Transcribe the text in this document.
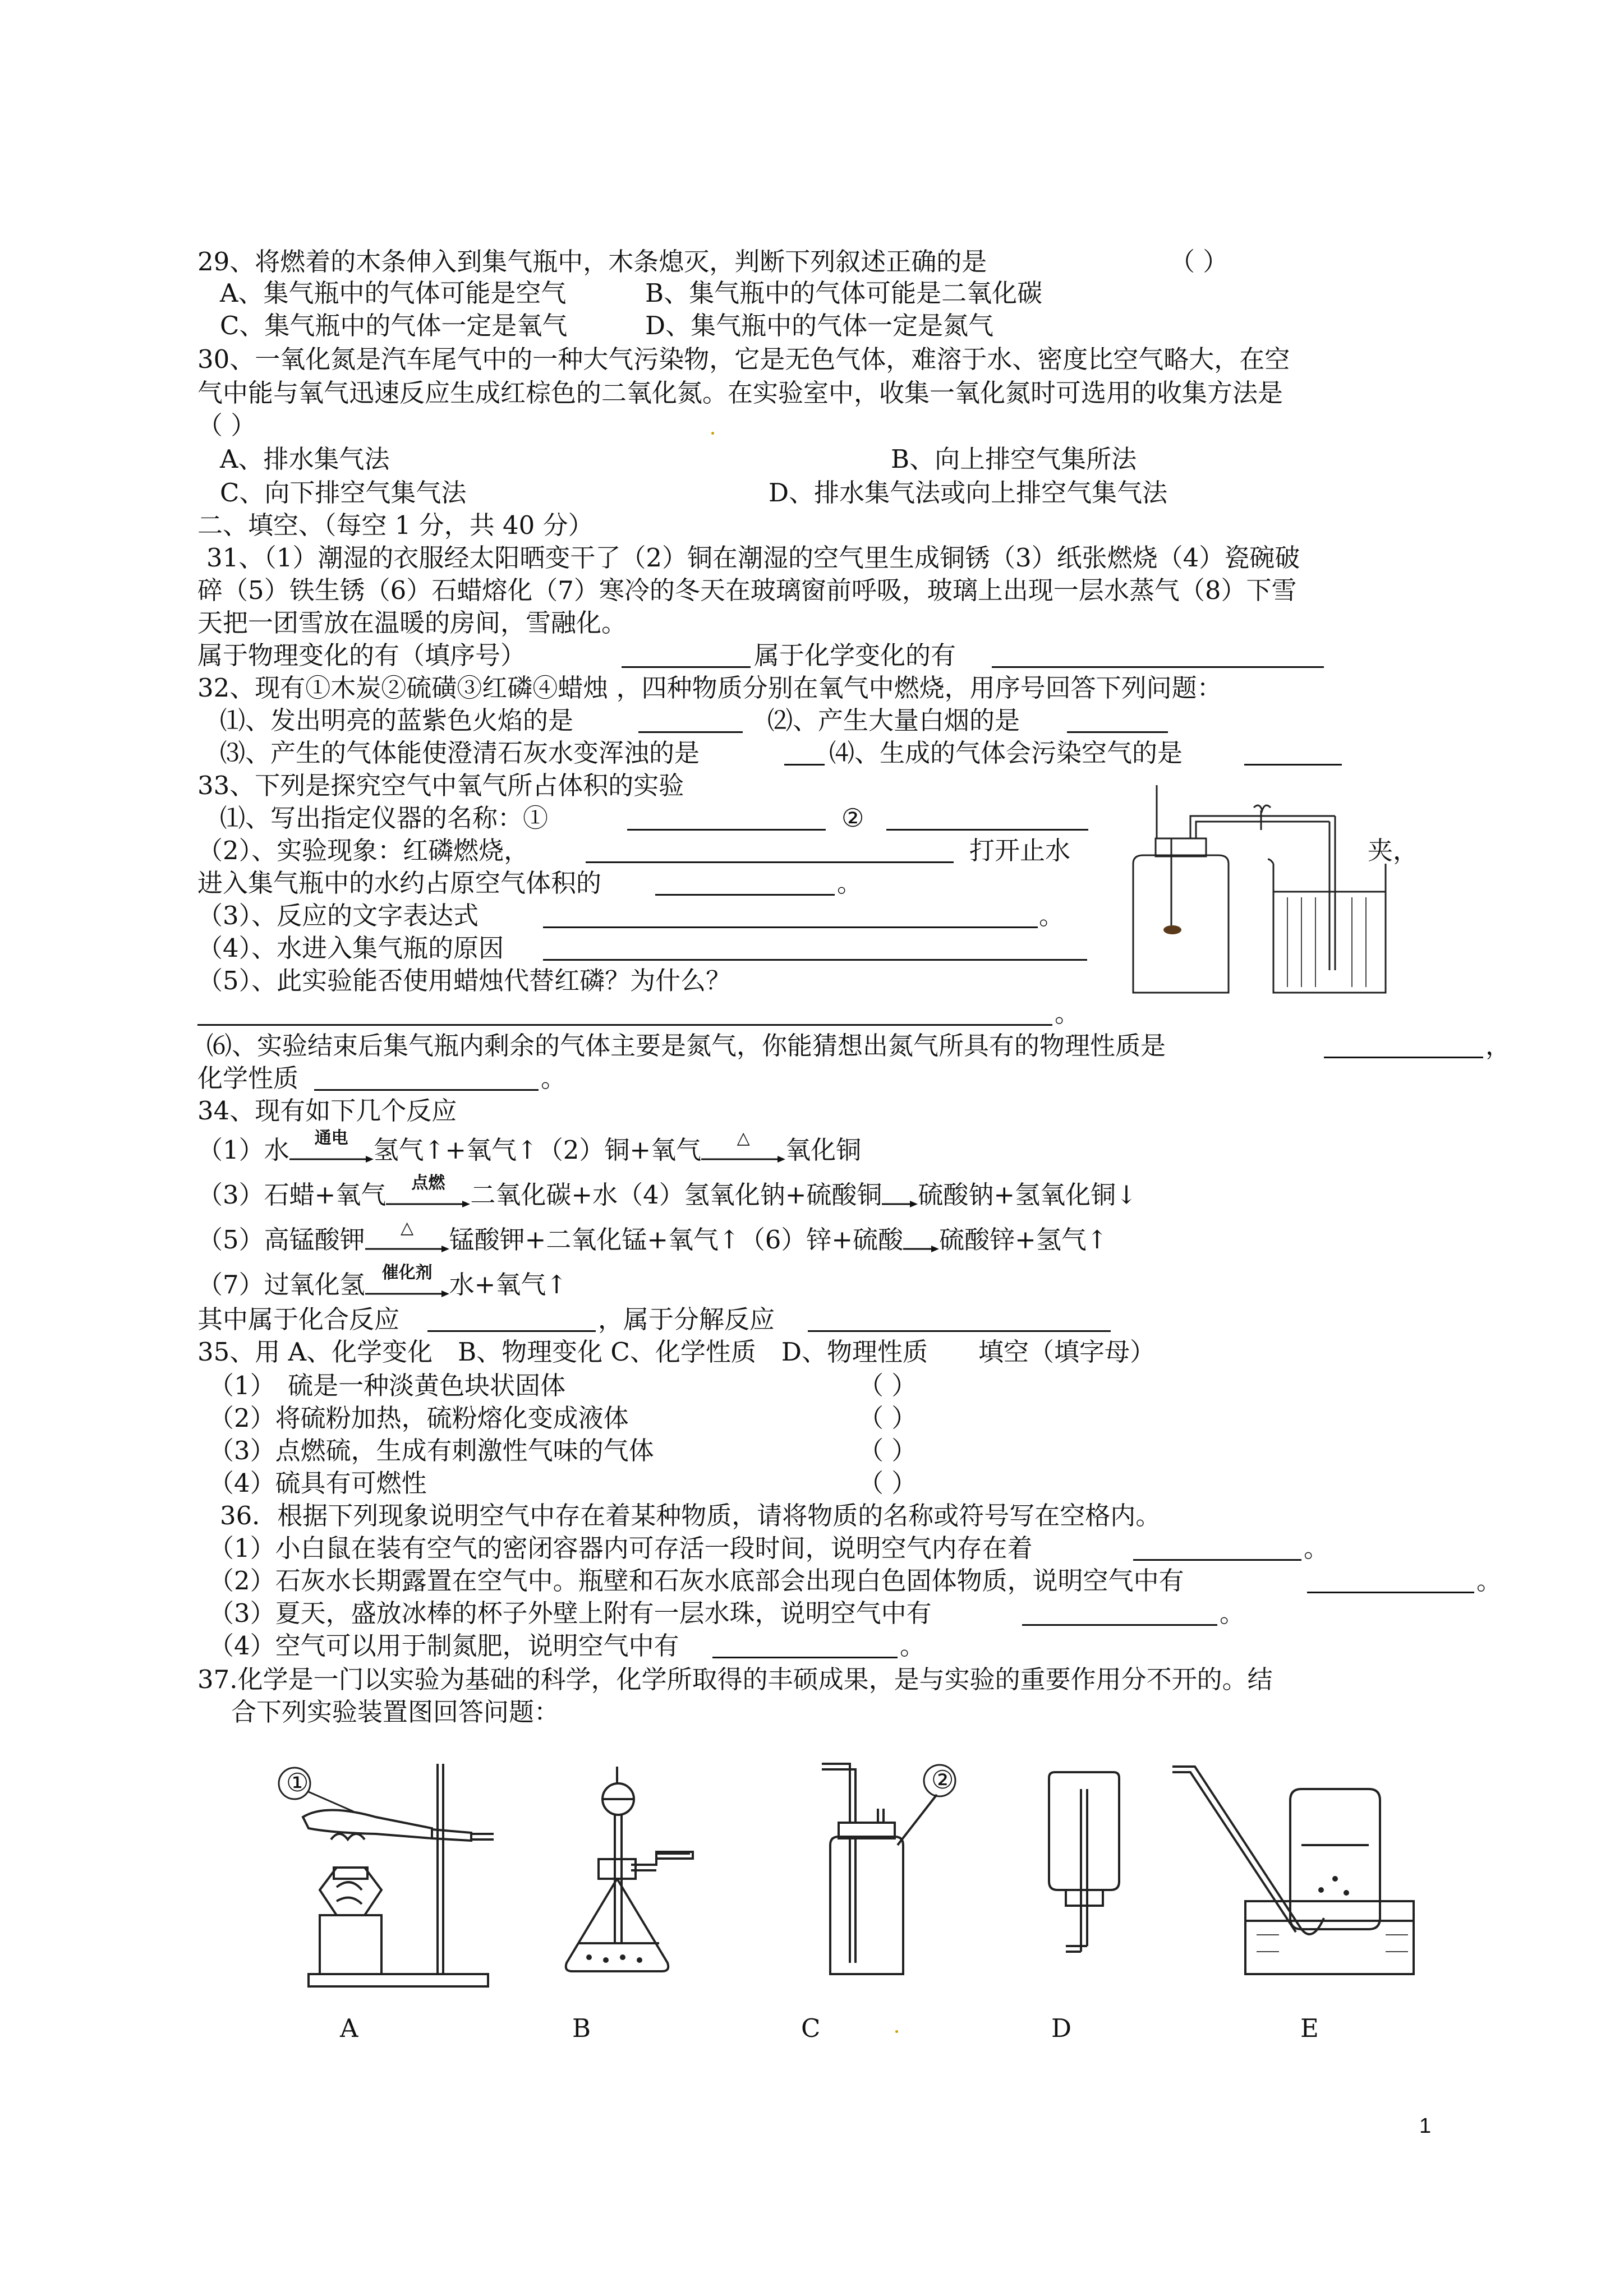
29、将燃着的木条伸入到集气瓶中，木条熄灭，判断下列叙述正确的是	（ ）
A、集气瓶中的气体可能是空气	B、集气瓶中的气体可能是二氧化碳
C、集气瓶中的气体一定是氧气	D、集气瓶中的气体一定是氮气
30、一氧化氮是汽车尾气中的一种大气污染物，它是无色气体，难溶于水、密度比空气略大，在空
气中能与氧气迅速反应生成红棕色的二氧化氮。在实验室中，收集一氧化氮时可选用的收集方法是
（ ）
A、排水集气法	B、向上排空气集所法
C、向下排空气集气法	D、排水集气法或向上排空气集气法
二、填空、（每空 1 分，共 40 分）
31、（1）潮湿的衣服经太阳晒变干了（2）铜在潮湿的空气里生成铜锈（3）纸张燃烧（4）瓷碗破
碎（5）铁生锈（6）石蜡熔化（7）寒冷的冬天在玻璃窗前呼吸，玻璃上出现一层水蒸气（8）下雪
天把一团雪放在温暖的房间，雪融化。
属于物理变化的有（填序号）	属于化学变化的有
32、现有①木炭②硫磺③红磷④蜡烛 ，四种物质分别在氧气中燃烧，用序号回答下列问题：
⑴、发出明亮的蓝紫色火焰的是	⑵、产生大量白烟的是
⑶、产生的气体能使澄清石灰水变浑浊的是	⑷、生成的气体会污染空气的是
33、下列是探究空气中氧气所占体积的实验
⑴、写出指定仪器的名称：①	②
（2）、实验现象：红磷燃烧，	打开止水	夹，
进入集气瓶中的水约占原空气体积的	。
（3）、反应的文字表达式	。
（4）、水进入集气瓶的原因
（5）、此实验能否使用蜡烛代替红磷？为什么？
。
⑹、实验结束后集气瓶内剩余的气体主要是氮气，你能猜想出氮气所具有的物理性质是	，
化学性质	。
34、现有如下几个反应
（1）水	通电	氢气↑+氧气↑（2）铜+氧气	△	氧化铜
（3）石蜡+氧气	点燃	二氧化碳+水（4）氢氧化钠+硫酸铜→硫酸钠+氢氧化铜↓
（5）高锰酸钾	△	锰酸钾+二氧化锰+氧气↑（6）锌+硫酸→硫酸锌+氢气↑
（7）过氧化氢	催化剂 水+氧气↑
其中属于化合反应	，属于分解反应
35、用 A、化学变化　B、物理变化 C、化学性质　D、物理性质　　填空（填字母）
（1）　硫是一种淡黄色块状固体	（ ）
（2）将硫粉加热，硫粉熔化变成液体	（ ）
（3）点燃硫，生成有刺激性气味的气体	（ ）
（4）硫具有可燃性	（ ）
36．根据下列现象说明空气中存在着某种物质，请将物质的名称或符号写在空格内。
（1）小白鼠在装有空气的密闭容器内可存活一段时间，说明空气内存在着	。
（2）石灰水长期露置在空气中。瓶壁和石灰水底部会出现白色固体物质，说明空气中有	。
（3）夏天，盛放冰棒的杯子外壁上附有一层水珠，说明空气中有	。
（4）空气可以用于制氮肥，说明空气中有	。
37.化学是一门以实验为基础的科学，化学所取得的丰硕成果，是与实验的重要作用分不开的。结
合下列实验装置图回答问题：
①	②
A	B	C	D	E
1
